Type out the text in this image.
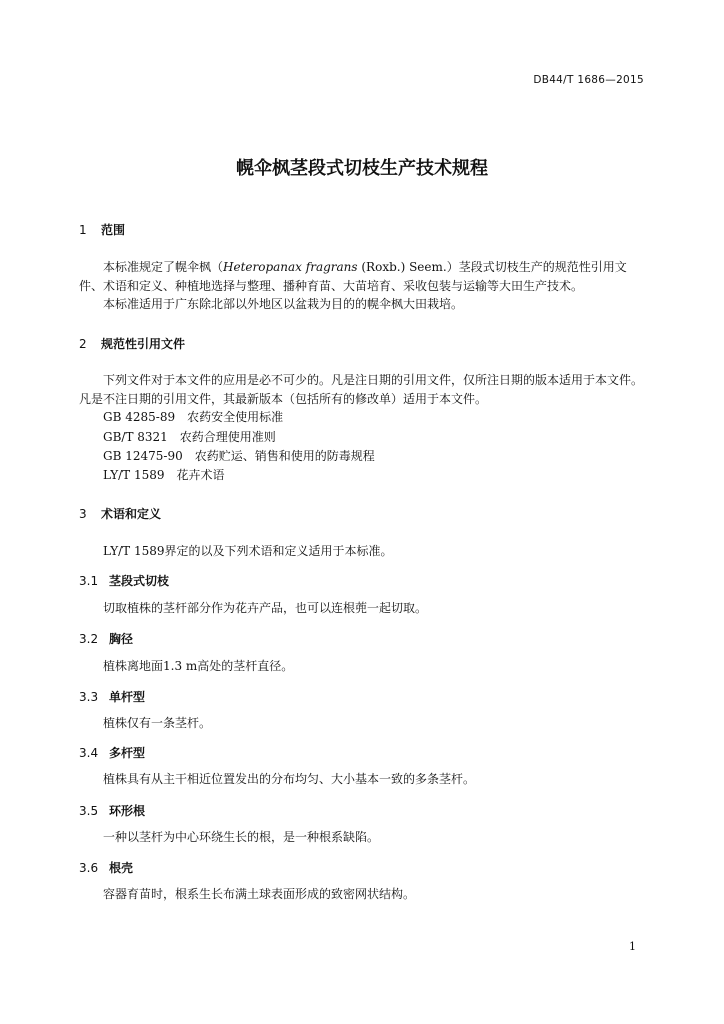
DB44/T 1686—2015
幌伞枫茎段式切枝生产技术规程
1 范围
本标准规定了幌伞枫（Heteropanax fragrans (Roxb.) Seem.）茎段式切枝生产的规范性引用文件、术语和定义、种植地选择与整理、播种育苗、大苗培育、采收包装与运输等大田生产技术。
本标准适用于广东除北部以外地区以盆栽为目的的幌伞枫大田栽培。
2 规范性引用文件
下列文件对于本文件的应用是必不可少的。凡是注日期的引用文件，仅所注日期的版本适用于本文件。凡是不注日期的引用文件，其最新版本（包括所有的修改单）适用于本文件。
GB 4285-89　农药安全使用标准
GB/T 8321　农药合理使用准则
GB 12475-90　农药贮运、销售和使用的防毒规程
LY/T 1589　花卉术语
3 术语和定义
LY/T 1589界定的以及下列术语和定义适用于本标准。
3.1 茎段式切枝
切取植株的茎杆部分作为花卉产品，也可以连根蔸一起切取。
3.2 胸径
植株离地面1.3 m高处的茎杆直径。
3.3 单杆型
植株仅有一条茎杆。
3.4 多杆型
植株具有从主干相近位置发出的分布均匀、大小基本一致的多条茎杆。
3.5 环形根
一种以茎杆为中心环绕生长的根，是一种根系缺陷。
3.6 根壳
容器育苗时，根系生长布满土球表面形成的致密网状结构。
1
